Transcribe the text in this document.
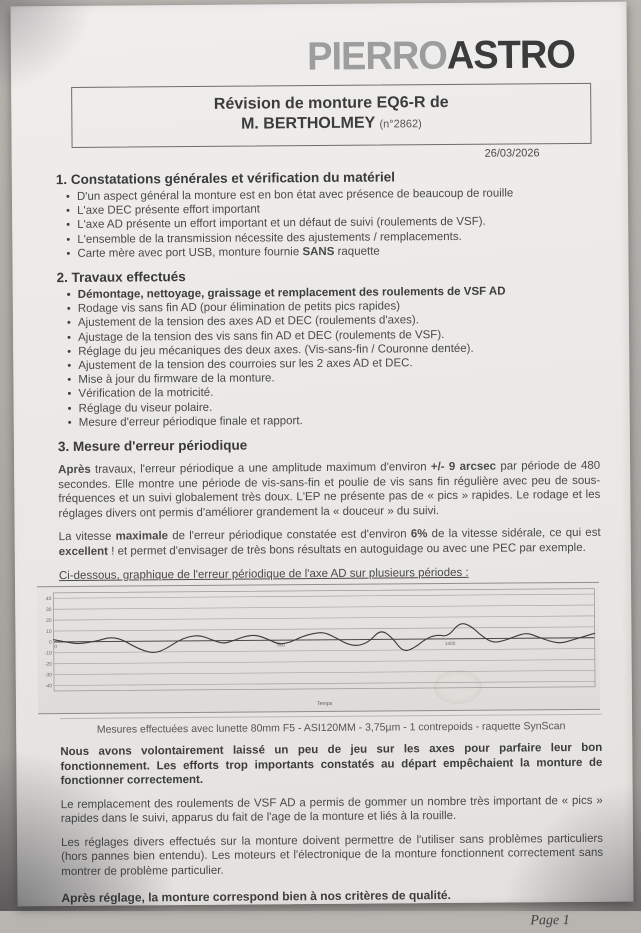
PIERROASTRO
Révision de monture EQ6-R de
M. BERTHOLMEY (n°2862)
26/03/2026
1. Constatations générales et vérification du matériel
• D'un aspect général la monture est en bon état avec présence de beaucoup de rouille
• L'axe DEC présente effort important
• L'axe AD présente un effort important et un défaut de suivi (roulements de VSF).
• L'ensemble de la transmission nécessite des ajustements / remplacements.
• Carte mère avec port USB, monture fournie SANS raquette
2. Travaux effectués
• Démontage, nettoyage, graissage et remplacement des roulements de VSF AD
• Rodage vis sans fin AD (pour élimination de petits pics rapides)
• Ajustement de la tension des axes AD et DEC (roulements d'axes).
• Ajustage de la tension des vis sans fin AD et DEC (roulements de VSF).
• Réglage du jeu mécaniques des deux axes. (Vis-sans-fin / Couronne dentée).
• Ajustement de la tension des courroies sur les 2 axes AD et DEC.
• Mise à jour du firmware de la monture.
• Vérification de la motricité.
• Réglage du viseur polaire.
• Mesure d'erreur périodique finale et rapport.
3. Mesure d'erreur périodique

Après travaux, l'erreur périodique a une amplitude maximum d'environ +/- 9 arcsec par période de 480 secondes. Elle montre une période de vis-sans-fin et poulie de vis sans fin régulière avec peu de sous-fréquences et un suivi globalement très doux. L'EP ne présente pas de « pics » rapides. Le rodage et les réglages divers ont permis d'améliorer grandement la « douceur » du suivi.

La vitesse maximale de l'erreur périodique constatée est d'environ 6% de la vitesse sidérale, ce qui est excellent ! et permet d'envisager de très bons résultats en autoguidage ou avec une PEC par exemple.

Ci-dessous, graphique de l'erreur périodique de l'axe AD sur plusieurs périodes :

40
30
20
10
0
-10
-20
-30
-40
0	800	1400
Temps
Mesures effectuées avec lunette 80mm F5 - ASI120MM - 3,75µm - 1 contrepoids - raquette SynScan

Nous avons volontairement laissé un peu de jeu sur les axes pour parfaire leur bon fonctionnement. Les efforts trop importants constatés au départ empêchaient la monture de fonctionner correctement.

Le remplacement des roulements de VSF AD a permis de gommer un nombre très important de « pics » rapides dans le suivi, apparus du fait de l'age de la monture et liés à la rouille.

Les réglages divers effectués sur la monture doivent permettre de l'utiliser sans problèmes particuliers (hors pannes bien entendu). Les moteurs et l'électronique de la monture fonctionnent correctement sans montrer de problème particulier.

Après réglage, la monture correspond bien à nos critères de qualité.

Page 1
